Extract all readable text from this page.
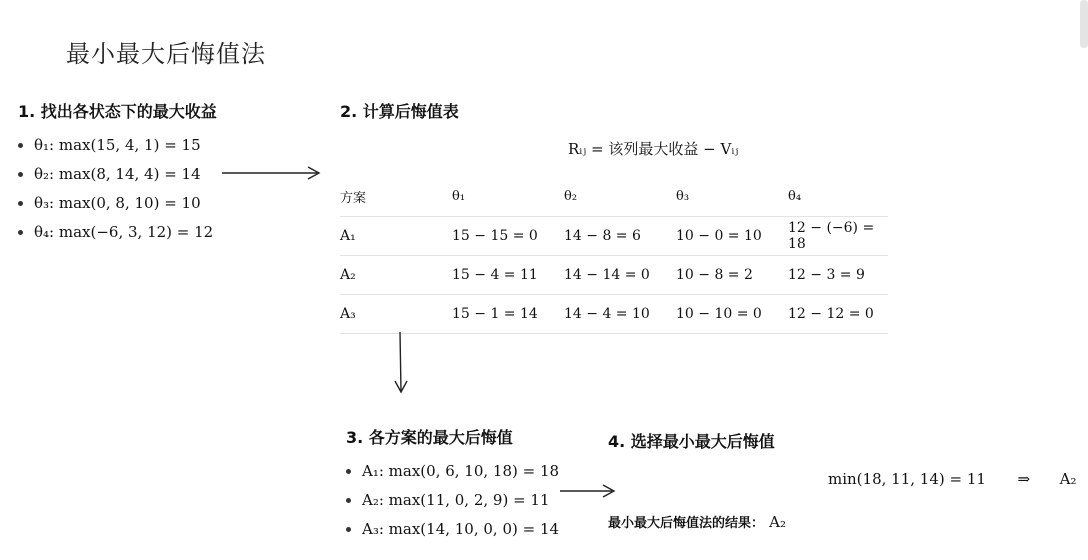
最小最大后悔值法
1. 找出各状态下的最大收益
θ₁: max(15, 4, 1) = 15
θ₂: max(8, 14, 4) = 14
θ₃: max(0, 8, 10) = 10
θ₄: max(−6, 3, 12) = 12
2. 计算后悔值表
Rᵢⱼ = 该列最大收益 − Vᵢⱼ
方案	θ₁	θ₂	θ₃	θ₄
A₁	15 − 15 = 0	14 − 8 = 6	10 − 0 = 10	12 − (−6) = 18
A₂	15 − 4 = 11	14 − 14 = 0	10 − 8 = 2	12 − 3 = 9
A₃	15 − 1 = 14	14 − 4 = 10	10 − 10 = 0	12 − 12 = 0
3. 各方案的最大后悔值
A₁: max(0, 6, 10, 18) = 18
A₂: max(11, 0, 2, 9) = 11
A₃: max(14, 10, 0, 0) = 14
4. 选择最小最大后悔值
min(18, 11, 14) = 11 ⇒ A₂
最小最大后悔值法的结果： A₂
